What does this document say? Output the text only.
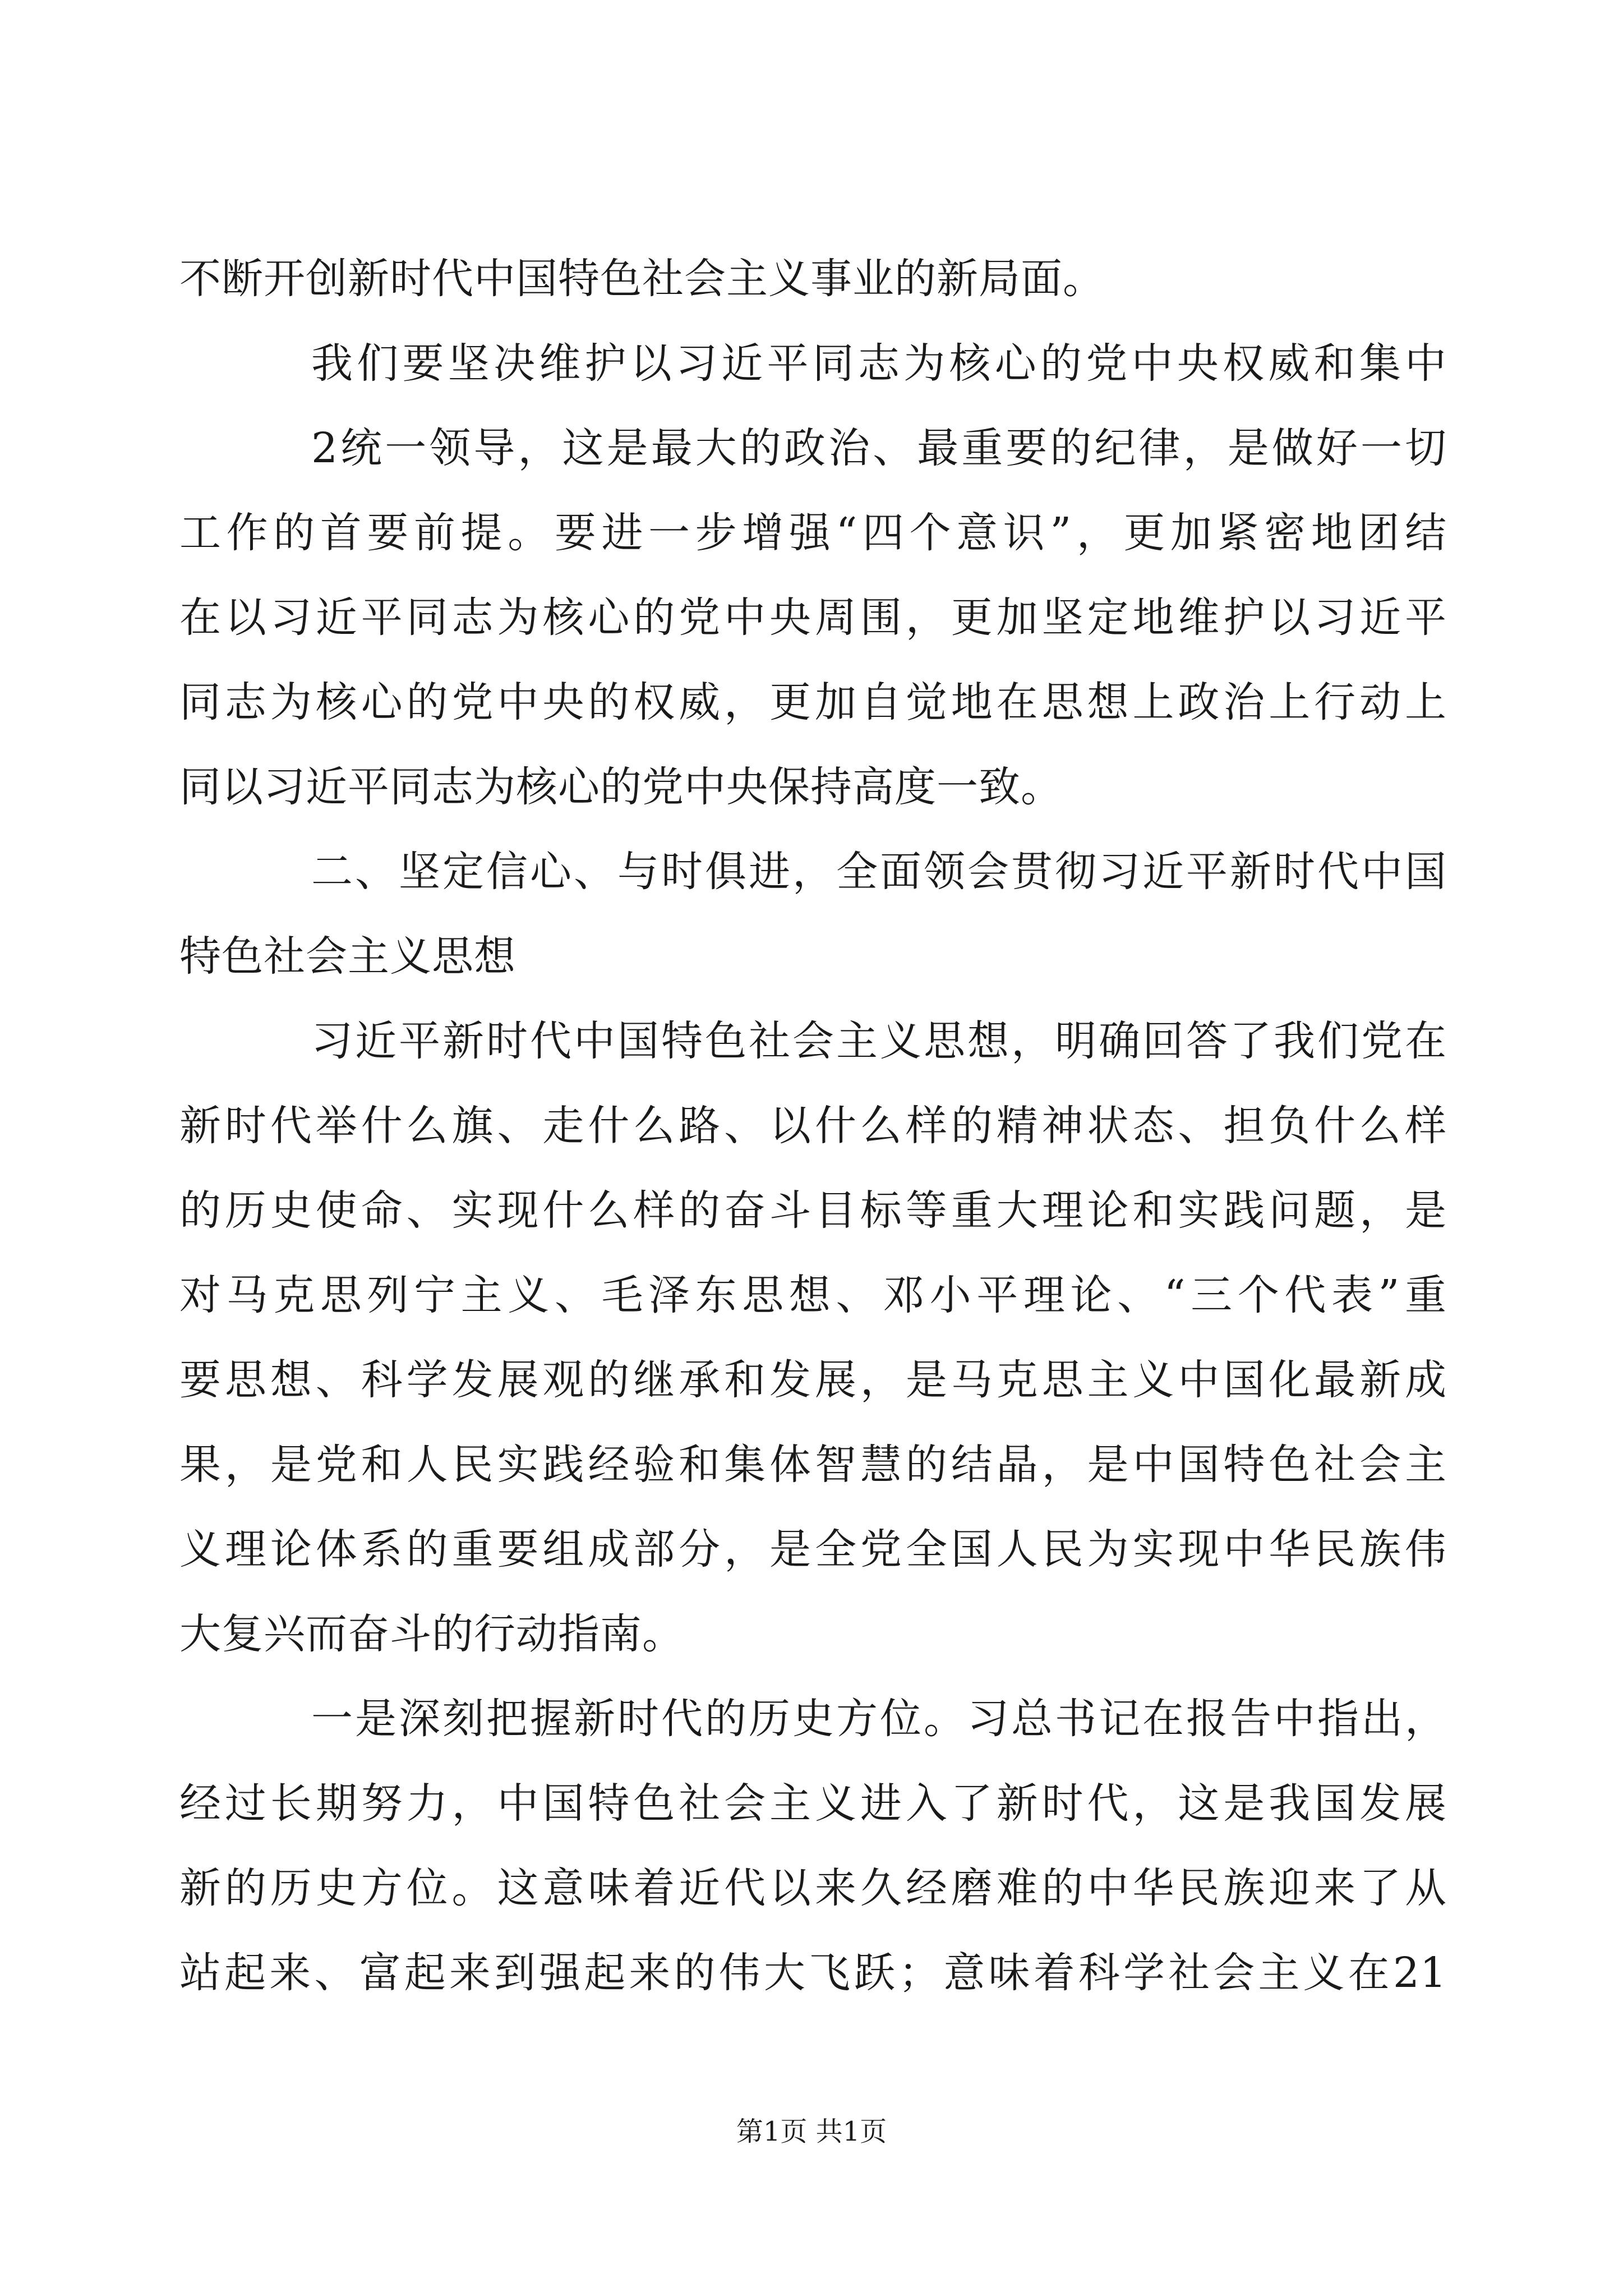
不断开创新时代中国特色社会主义事业的新局面。
我们要坚决维护以习近平同志为核心的党中央权威和集中
2统一领导，这是最大的政治、最重要的纪律，是做好一切
工作的首要前提。要进一步增强“四个意识”，更加紧密地团结
在以习近平同志为核心的党中央周围，更加坚定地维护以习近平
同志为核心的党中央的权威，更加自觉地在思想上政治上行动上
同以习近平同志为核心的党中央保持高度一致。
二、坚定信心、与时俱进，全面领会贯彻习近平新时代中国
特色社会主义思想
习近平新时代中国特色社会主义思想，明确回答了我们党在
新时代举什么旗、走什么路、以什么样的精神状态、担负什么样
的历史使命、实现什么样的奋斗目标等重大理论和实践问题，是
对马克思列宁主义、毛泽东思想、邓小平理论、“三个代表”重
要思想、科学发展观的继承和发展，是马克思主义中国化最新成
果，是党和人民实践经验和集体智慧的结晶，是中国特色社会主
义理论体系的重要组成部分，是全党全国人民为实现中华民族伟
大复兴而奋斗的行动指南。
一是深刻把握新时代的历史方位。习总书记在报告中指出，
经过长期努力，中国特色社会主义进入了新时代，这是我国发展
新的历史方位。这意味着近代以来久经磨难的中华民族迎来了从
站起来、富起来到强起来的伟大飞跃；意味着科学社会主义在21
第1页 共1页
